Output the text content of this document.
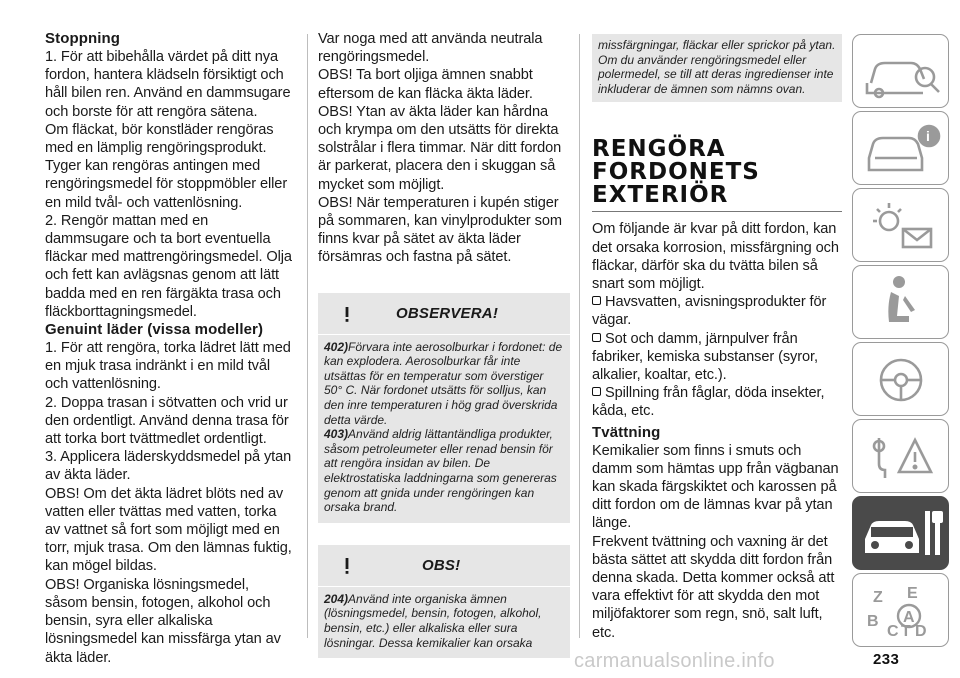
Stoppning

1. För att bibehålla värdet på ditt nya fordon, hantera klädseln försiktigt och håll bilen ren. Använd en dammsugare och borste för att rengöra sätena.

Om fläckat, bör konstläder rengöras med en lämplig rengöringsprodukt. Tyger kan rengöras antingen med rengöringsmedel för stoppmöbler eller en mild tvål- och vattenlösning.

2. Rengör mattan med en dammsugare och ta bort eventuella fläckar med mattrengöringsmedel. Olja och fett kan avlägsnas genom att lätt badda med en ren färgäkta trasa och fläckborttagningsmedel.

Genuint läder (vissa modeller)

1. För att rengöra, torka lädret lätt med en mjuk trasa indränkt i en mild tvål och vattenlösning.

2. Doppa trasan i sötvatten och vrid ur den ordentligt. Använd denna trasa för att torka bort tvättmedlet ordentligt.

3. Applicera läderskyddsmedel på ytan av äkta läder.

OBS! Om det äkta lädret blöts ned av vatten eller tvättas med vatten, torka av vattnet så fort som möjligt med en torr, mjuk trasa. Om den lämnas fuktig, kan mögel bildas.

OBS! Organiska lösningsmedel, såsom bensin, fotogen, alkohol och bensin, syra eller alkaliska lösningsmedel kan missfärga ytan av äkta läder.

Var noga med att använda neutrala rengöringsmedel.

OBS! Ta bort oljiga ämnen snabbt eftersom de kan fläcka äkta läder.

OBS! Ytan av äkta läder kan hårdna och krympa om den utsätts för direkta solstrålar i flera timmar. När ditt fordon är parkerat, placera den i skuggan så mycket som möjligt.

OBS! När temperaturen i kupén stiger på sommaren, kan vinylprodukter som finns kvar på sätet av äkta läder försämras och fastna på sätet.

OBSERVERA!
402)Förvara inte aerosolburkar i fordonet: de kan explodera. Aerosolburkar får inte utsättas för en temperatur som överstiger 50° C. När fordonet utsätts för solljus, kan den inre temperaturen i hög grad överskrida detta värde.
403)Använd aldrig lättantändliga produkter, såsom petroleumeter eller renad bensin för att rengöra insidan av bilen. De elektrostatiska laddningarna som genereras genom att gnida under rengöringen kan orsaka brand.
OBS!
204)Använd inte organiska ämnen (lösningsmedel, bensin, fotogen, alkohol, bensin, etc.) eller alkaliska eller sura lösningar. Dessa kemikalier kan orsaka
missfärgningar, fläckar eller sprickor på ytan. Om du använder rengöringsmedel eller polermedel, se till att deras ingredienser inte inkluderar de ämnen som nämns ovan.
RENGÖRA
FORDONETS
EXTERIÖR

Om följande är kvar på ditt fordon, kan det orsaka korrosion, missfärgning och fläckar, därför ska du tvätta bilen så snart som möjligt.

Havsvatten, avisningsprodukter för vägar.

Sot och damm, järnpulver från fabriker, kemiska substanser (syror, alkalier, koaltar, etc.).

Spillning från fåglar, döda insekter, kåda, etc.

Tvättning

Kemikalier som finns i smuts och damm som hämtas upp från vägbanan kan skada färgskiktet och karossen på ditt fordon om de lämnas kvar på ytan länge.

Frekvent tvättning och vaxning är det bästa sättet att skydda ditt fordon från denna skada. Detta kommer också att vara effektivt för att skydda den mot miljöfaktorer som regn, snö, salt luft, etc.

i
Z E
B
C T D
A
carmanualsonline.info	233
